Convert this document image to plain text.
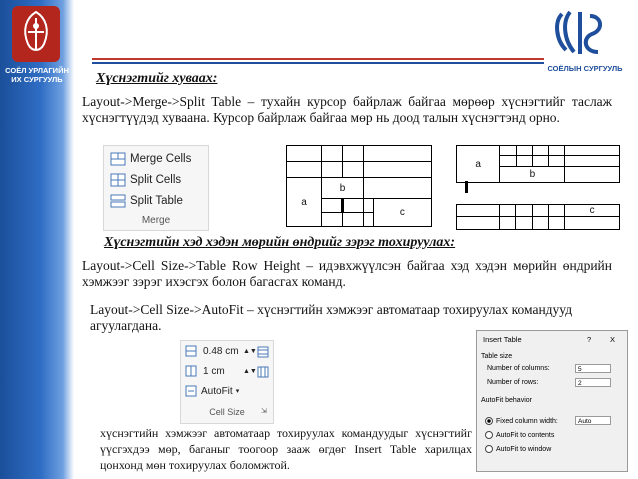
СОЁЛ УРЛАГИЙН ИХ СУРГУУЛЬ
СОЁЛЫН СУРГУУЛЬ
Хүснэгтийг хуваах:
Layout->Merge->Split Table – тухайн курсор байрлаж байгаа мөрөөр хүснэгтийг таслаж хүснэгтүүдэд хуваана. Курсор байрлаж байгаа мөр нь доод талын хүснэгтэнд орно.
Merge Cells
Split Cells
Split Table
Merge

a	b			
				c

a					

	b				
					c

Хүснэгтийн хэд хэдэн мөрийн өндрийг зэрэг тохируулах:
Layout->Cell Size->Table Row Height – идэвхжүүлсэн байгаа хэд хэдэн мөрийн өндрийн хэмжээг зэрэг ихэсгэх болон багасгах команд.
Layout->Cell Size->AutoFit – хүснэгтийн хэмжээг автоматаар тохируулах командууд агуулагдана.
0.48 cm ▲▼
1 cm	▲▼
AutoFit ▾
Cell Size	⇲
Insert Table	?	X
Table size
Number of columns:	5
Number of rows:	2
AutoFit behavior
Fixed column width:	Auto
AutoFit to contents
AutoFit to window
хүснэгтийн хэмжээг автоматаар тохируулах командуудыг хүснэгтийг үүсгэхдээ мөр, баганыг тоогоор зааж өгдөг Insert Table харилцах цонхонд мөн тохируулах боломжтой.
